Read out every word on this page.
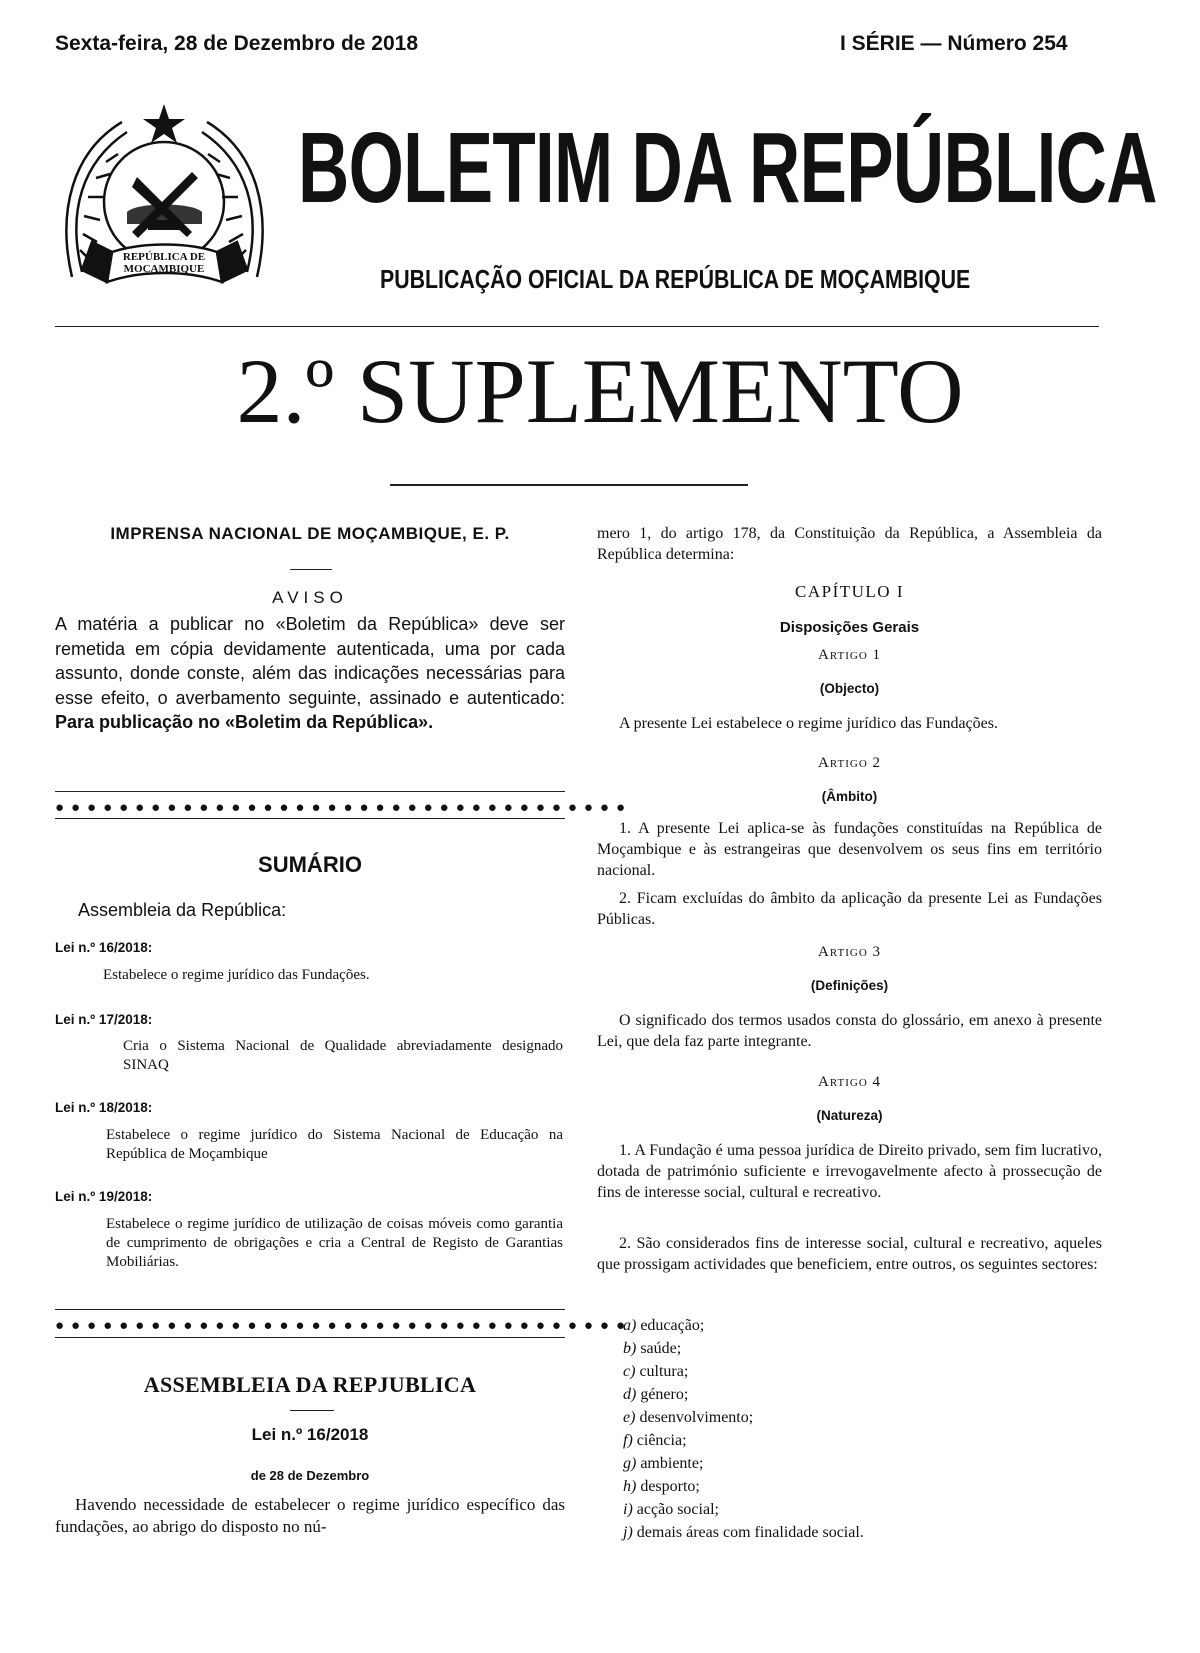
Sexta-feira, 28 de Dezembro de 2018	I SÉRIE — Número 254
REPÚBLICA DE
MOÇAMBIQUE
BOLETIM DA REPÚBLICA
PUBLICAÇÃO OFICIAL DA REPÚBLICA DE MOÇAMBIQUE
2.º SUPLEMENTO
IMPRENSA NACIONAL DE MOÇAMBIQUE, E. P.
AVISO
A matéria a publicar no «Boletim da República» deve ser remetida em cópia devidamente autenticada, uma por cada assunto, donde conste, além das indicações necessárias para esse efeito, o averbamento seguinte, assinado e autenticado: Para publicação no «Boletim da República».
● ● ● ● ● ● ● ● ● ● ● ● ● ● ● ● ● ● ● ● ● ● ● ● ● ● ● ● ● ● ● ● ● ● ● ●
SUMÁRIO
Assembleia da República:
Lei n.º 16/2018:
Estabelece o regime jurídico das Fundações.
Lei n.º 17/2018:
Cria o Sistema Nacional de Qualidade abreviadamente designado SINAQ
Lei n.º 18/2018:
Estabelece o regime jurídico do Sistema Nacional de Educação na República de Moçambique
Lei n.º 19/2018:
Estabelece o regime jurídico de utilização de coisas móveis como garantia de cumprimento de obrigações e cria a Central de Registo de Garantias Mobiliárias.
● ● ● ● ● ● ● ● ● ● ● ● ● ● ● ● ● ● ● ● ● ● ● ● ● ● ● ● ● ● ● ● ● ● ● ●
ASSEMBLEIA DA REPJUBLICA
Lei n.º 16/2018
de 28 de Dezembro
Havendo necessidade de estabelecer o regime jurídico específico das fundações, ao abrigo do disposto no nú-
mero 1, do artigo 178, da Constituição da República, a Assembleia da República determina:
CAPÍTULO I
Disposições Gerais
Artigo 1
(Objecto)
A presente Lei estabelece o regime jurídico das Fundações.
Artigo 2
(Âmbito)
1. A presente Lei aplica-se às fundações constituídas na República de Moçambique e às estrangeiras que desenvolvem os seus fins em território nacional.
2. Ficam excluídas do âmbito da aplicação da presente Lei as Fundações Públicas.
Artigo 3
(Definições)
O significado dos termos usados consta do glossário, em anexo à presente Lei, que dela faz parte integrante.
Artigo 4
(Natureza)
1. A Fundação é uma pessoa jurídica de Direito privado, sem fim lucrativo, dotada de património suficiente e irrevogavelmente afecto à prossecução de fins de interesse social, cultural e recreativo.
2. São considerados fins de interesse social, cultural e recreativo, aqueles que prossigam actividades que beneficiem, entre outros, os seguintes sectores:
a) educação;
b) saúde;
c) cultura;
d) género;
e) desenvolvimento;
f) ciência;
g) ambiente;
h) desporto;
i) acção social;
j) demais áreas com finalidade social.
